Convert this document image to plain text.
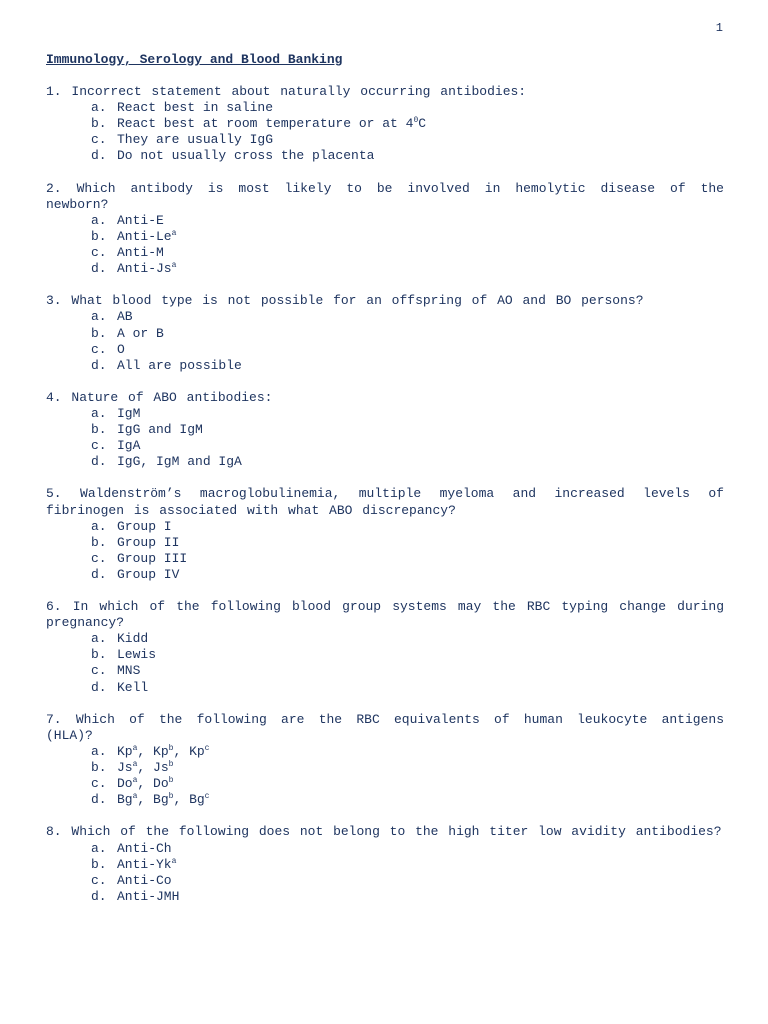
1
Immunology, Serology and Blood Banking
1. Incorrect statement about naturally occurring antibodies:
a. React best in saline
b. React best at room temperature or at $4^0C$
c. They are usually IgG
d. Do not usually cross the placenta
2. Which antibody is most likely to be involved in hemolytic disease of the newborn?
a. Anti-E
b. Anti-Le$^a$
c. Anti-M
d. Anti-Js$^a$
3. What blood type is not possible for an offspring of AO and BO persons?
a. AB
b. A or B
c. O
d. All are possible
4. Nature of ABO antibodies:
a. IgM
b. IgG and IgM
c. IgA
d. IgG, IgM and IgA
5. Waldenström’s macroglobulinemia, multiple myeloma and increased levels of fibrinogen is associated with what ABO discrepancy?
a. Group I
b. Group II
c. Group III
d. Group IV
6. In which of the following blood group systems may the RBC typing change during pregnancy?
a. Kidd
b. Lewis
c. MNS
d. Kell
7. Which of the following are the RBC equivalents of human leukocyte antigens (HLA)?
a. Kp$^a$, Kp$^b$, Kp$^c$
b. Js$^a$, Js$^b$
c. Do$^a$, Do$^b$
d. Bg$^a$, Bg$^b$, Bg$^c$
8. Which of the following does not belong to the high titer low avidity antibodies?
a. Anti-Ch
b. Anti-Yk$^a$
c. Anti-Co
d. Anti-JMH
